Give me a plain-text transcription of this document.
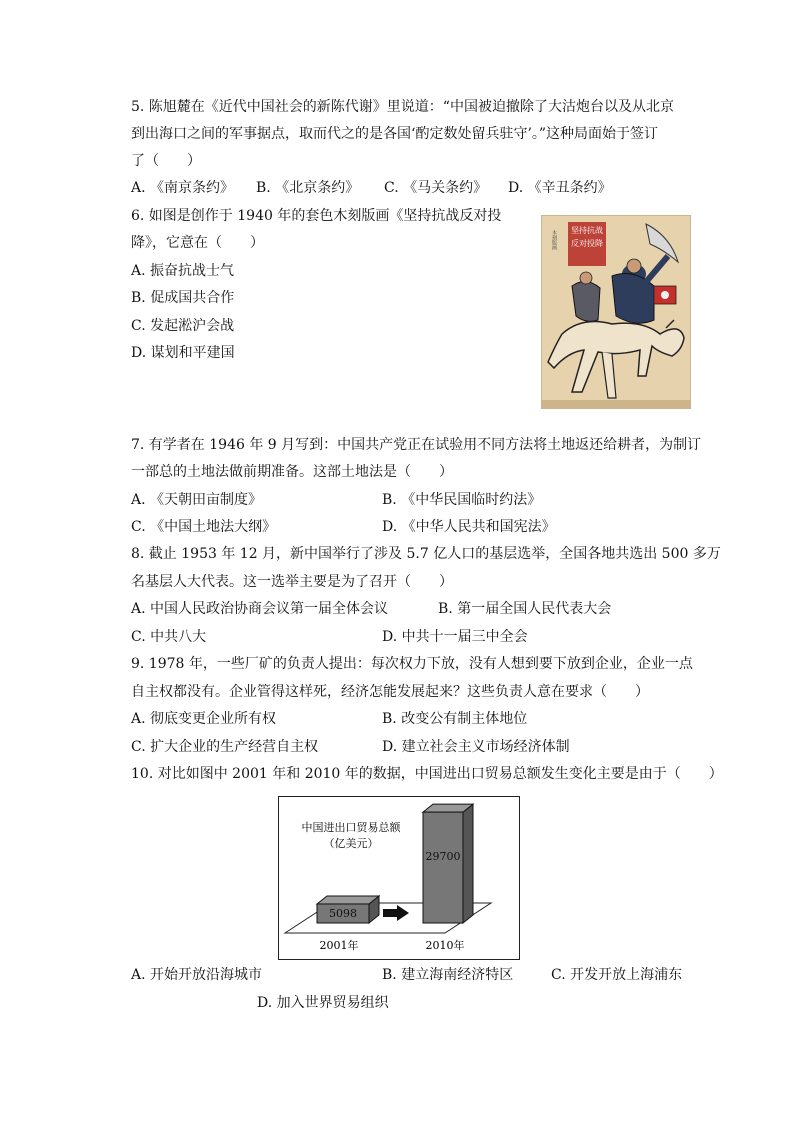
5. 陈旭麓在《近代中国社会的新陈代谢》里说道：“中国被迫撤除了大沽炮台以及从北京
到出海口之间的军事据点，取而代之的是各国‘酌定数处留兵驻守’。”这种局面始于签订
了（　　）
A. 《南京条约》 B. 《北京条约》 C. 《马关条约》 D. 《辛丑条约》
6. 如图是创作于 1940 年的套色木刻版画《坚持抗战反对投
降》，它意在（　　）
A. 振奋抗战士气
B. 促成国共合作
C. 发起淞沪会战
D. 谋划和平建国
坚持抗战
反对投降
木刻版画
7. 有学者在 1946 年 9 月写到：中国共产党正在试验用不同方法将土地返还给耕者，为制订
一部总的土地法做前期准备。这部土地法是（　　）
A. 《天朝田亩制度》	B. 《中华民国临时约法》
C. 《中国土地法大纲》	D. 《中华人民共和国宪法》
8. 截止 1953 年 12 月，新中国举行了涉及 5.7 亿人口的基层选举，全国各地共选出 500 多万
名基层人大代表。这一选举主要是为了召开（　　）
A. 中国人民政治协商会议第一届全体会议	B. 第一届全国人民代表大会
C. 中共八大	D. 中共十一届三中全会
9. 1978 年，一些厂矿的负责人提出：每次权力下放，没有人想到要下放到企业，企业一点
自主权都没有。企业管得这样死，经济怎能发展起来？这些负责人意在要求（　　）
A. 彻底变更企业所有权	B. 改变公有制主体地位
C. 扩大企业的生产经营自主权	D. 建立社会主义市场经济体制
10. 对比如图中 2001 年和 2010 年的数据，中国进出口贸易总额发生变化主要是由于（　　）
中国进出口贸易总额
（亿美元）
5098
29700
2001年	2010年
A. 开始开放沿海城市	B. 建立海南经济特区	C. 开发开放上海浦东
D. 加入世界贸易组织
